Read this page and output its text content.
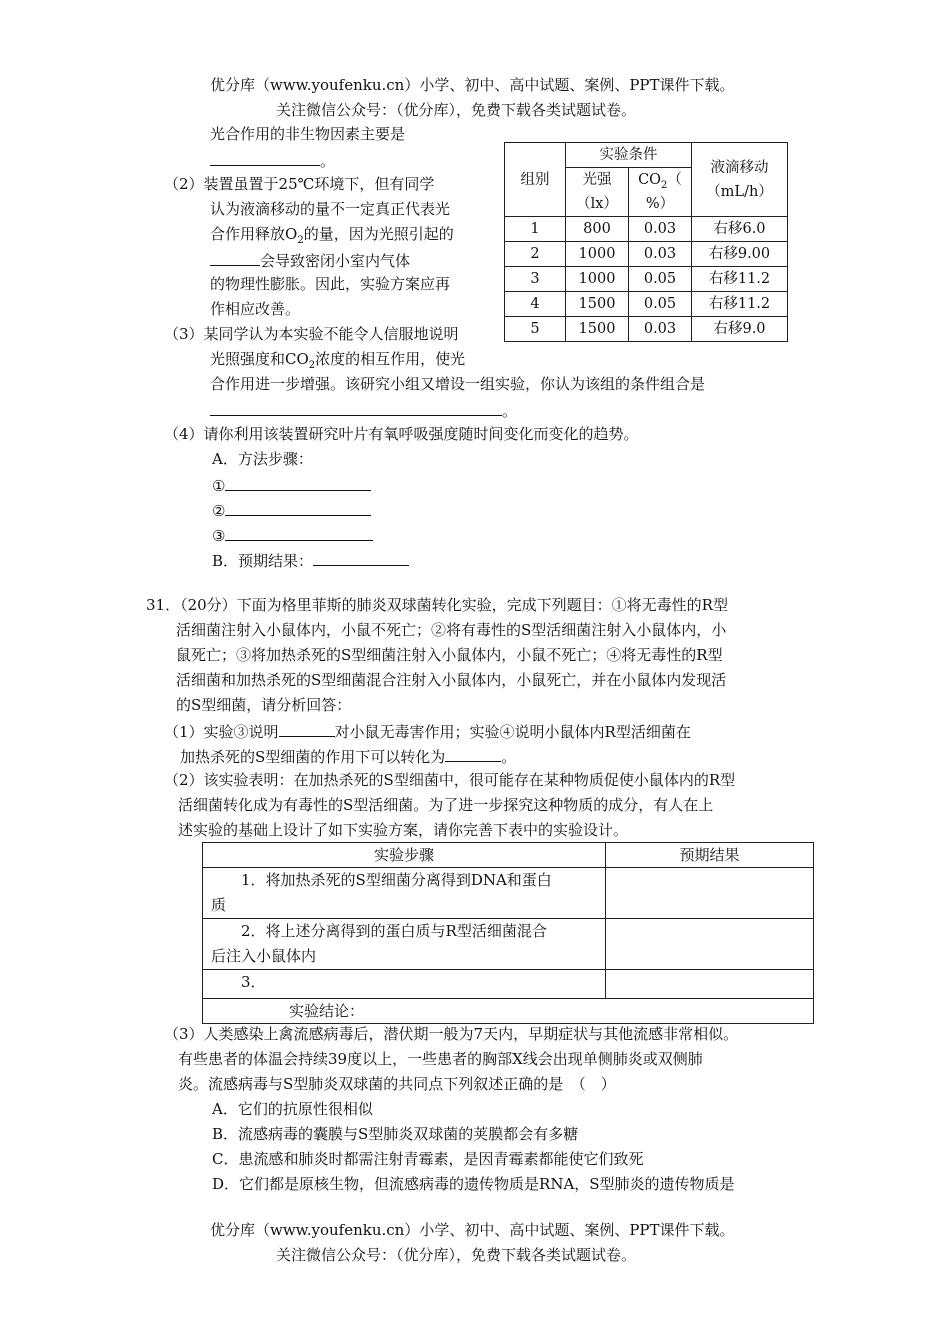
优分库（www.youfenku.cn）小学、初中、高中试题、案例、PPT课件下载。
关注微信公众号：（优分库），免费下载各类试题试卷。
光合作用的非生物因素主要是
。
（2）装置虽置于25℃环境下，但有同学
认为液滴移动的量不一定真正代表光
合作用释放$O_2$的量，因为光照引起的
会导致密闭小室内气体
的物理性膨胀。因此，实验方案应再
作相应改善。
（3）某同学认为本实验不能令人信服地说明
光照强度和$CO_2$浓度的相互作用，使光
合作用进一步增强。该研究小组又增设一组实验，你认为该组的条件组合是
。
（4）请你利用该装置研究叶片有氧呼吸强度随时间变化而变化的趋势。
A．方法步骤：
①
②
③
B．预期结果：
组别	实验条件		液滴移动
（mL/h）
	光强
（lx）	$CO_2$（
%）	
1	800	0.03	右移6.0
2	1000	0.03	右移9.00
3	1000	0.05	右移11.2
4	1500	0.05	右移11.2
5	1500	0.03	右移9.0
31．（20分）下面为格里菲斯的肺炎双球菌转化实验，完成下列题目：①将无毒性的R型
活细菌注射入小鼠体内，小鼠不死亡；②将有毒性的S型活细菌注射入小鼠体内，小
鼠死亡；③将加热杀死的S型细菌注射入小鼠体内，小鼠不死亡；④将无毒性的R型
活细菌和加热杀死的S型细菌混合注射入小鼠体内，小鼠死亡，并在小鼠体内发现活
的S型细菌，请分析回答：
（1）实验③说明	对小鼠无毒害作用；实验④说明小鼠体内R型活细菌在
加热杀死的S型细菌的作用下可以转化为	。
（2）该实验表明：在加热杀死的S型细菌中，很可能存在某种物质促使小鼠体内的R型
活细菌转化成为有毒性的S型活细菌。为了进一步探究这种物质的成分，有人在上
述实验的基础上设计了如下实验方案，请你完善下表中的实验设计。
实验步骤	预期结果
1．将加热杀死的S型细菌分离得到DNA和蛋白
质	
2．将上述分离得到的蛋白质与R型活细菌混合
后注入小鼠体内	
3．	
实验结论：	
（3）人类感染上禽流感病毒后，潜伏期一般为7天内，早期症状与其他流感非常相似。
有些患者的体温会持续39度以上，一些患者的胸部X线会出现单侧肺炎或双侧肺
炎。流感病毒与S型肺炎双球菌的共同点下列叙述正确的是　（　）
A．它们的抗原性很相似
B．流感病毒的囊膜与S型肺炎双球菌的荚膜都会有多糖
C．患流感和肺炎时都需注射青霉素，是因青霉素都能使它们致死
D．它们都是原核生物，但流感病毒的遗传物质是RNA，S型肺炎的遗传物质是
优分库（www.youfenku.cn）小学、初中、高中试题、案例、PPT课件下载。
关注微信公众号：（优分库），免费下载各类试题试卷。
